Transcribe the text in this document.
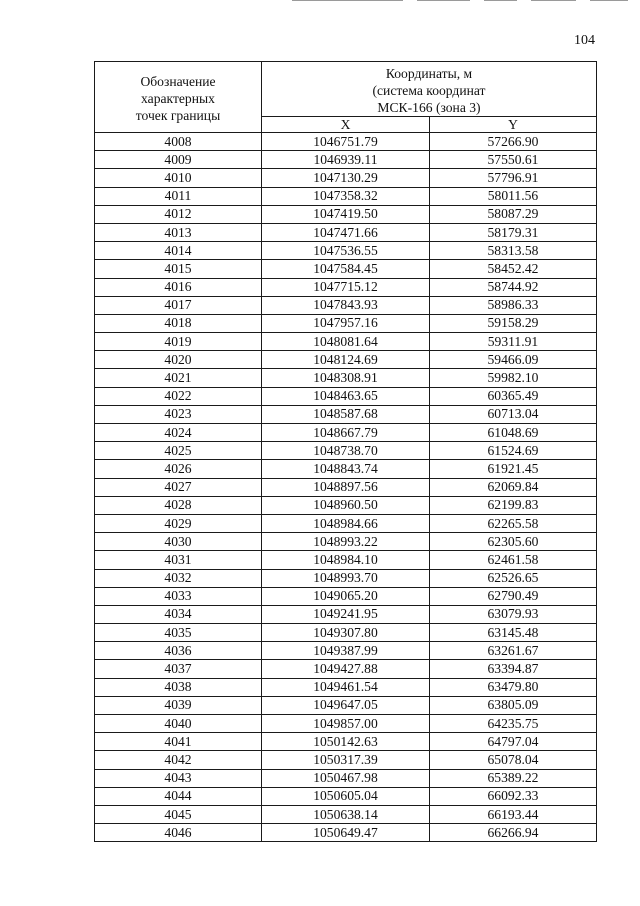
104
Обозначение
характерных
точек границы	Координаты, м
(система координат
МСК-166 (зона 3)	

	X	Y
4008	1046751.79	57266.90
4009	1046939.11	57550.61
4010	1047130.29	57796.91
4011	1047358.32	58011.56
4012	1047419.50	58087.29
4013	1047471.66	58179.31
4014	1047536.55	58313.58
4015	1047584.45	58452.42
4016	1047715.12	58744.92
4017	1047843.93	58986.33
4018	1047957.16	59158.29
4019	1048081.64	59311.91
4020	1048124.69	59466.09
4021	1048308.91	59982.10
4022	1048463.65	60365.49
4023	1048587.68	60713.04
4024	1048667.79	61048.69
4025	1048738.70	61524.69
4026	1048843.74	61921.45
4027	1048897.56	62069.84
4028	1048960.50	62199.83
4029	1048984.66	62265.58
4030	1048993.22	62305.60
4031	1048984.10	62461.58
4032	1048993.70	62526.65
4033	1049065.20	62790.49
4034	1049241.95	63079.93
4035	1049307.80	63145.48
4036	1049387.99	63261.67
4037	1049427.88	63394.87
4038	1049461.54	63479.80
4039	1049647.05	63805.09
4040	1049857.00	64235.75
4041	1050142.63	64797.04
4042	1050317.39	65078.04
4043	1050467.98	65389.22
4044	1050605.04	66092.33
4045	1050638.14	66193.44
4046	1050649.47	66266.94
